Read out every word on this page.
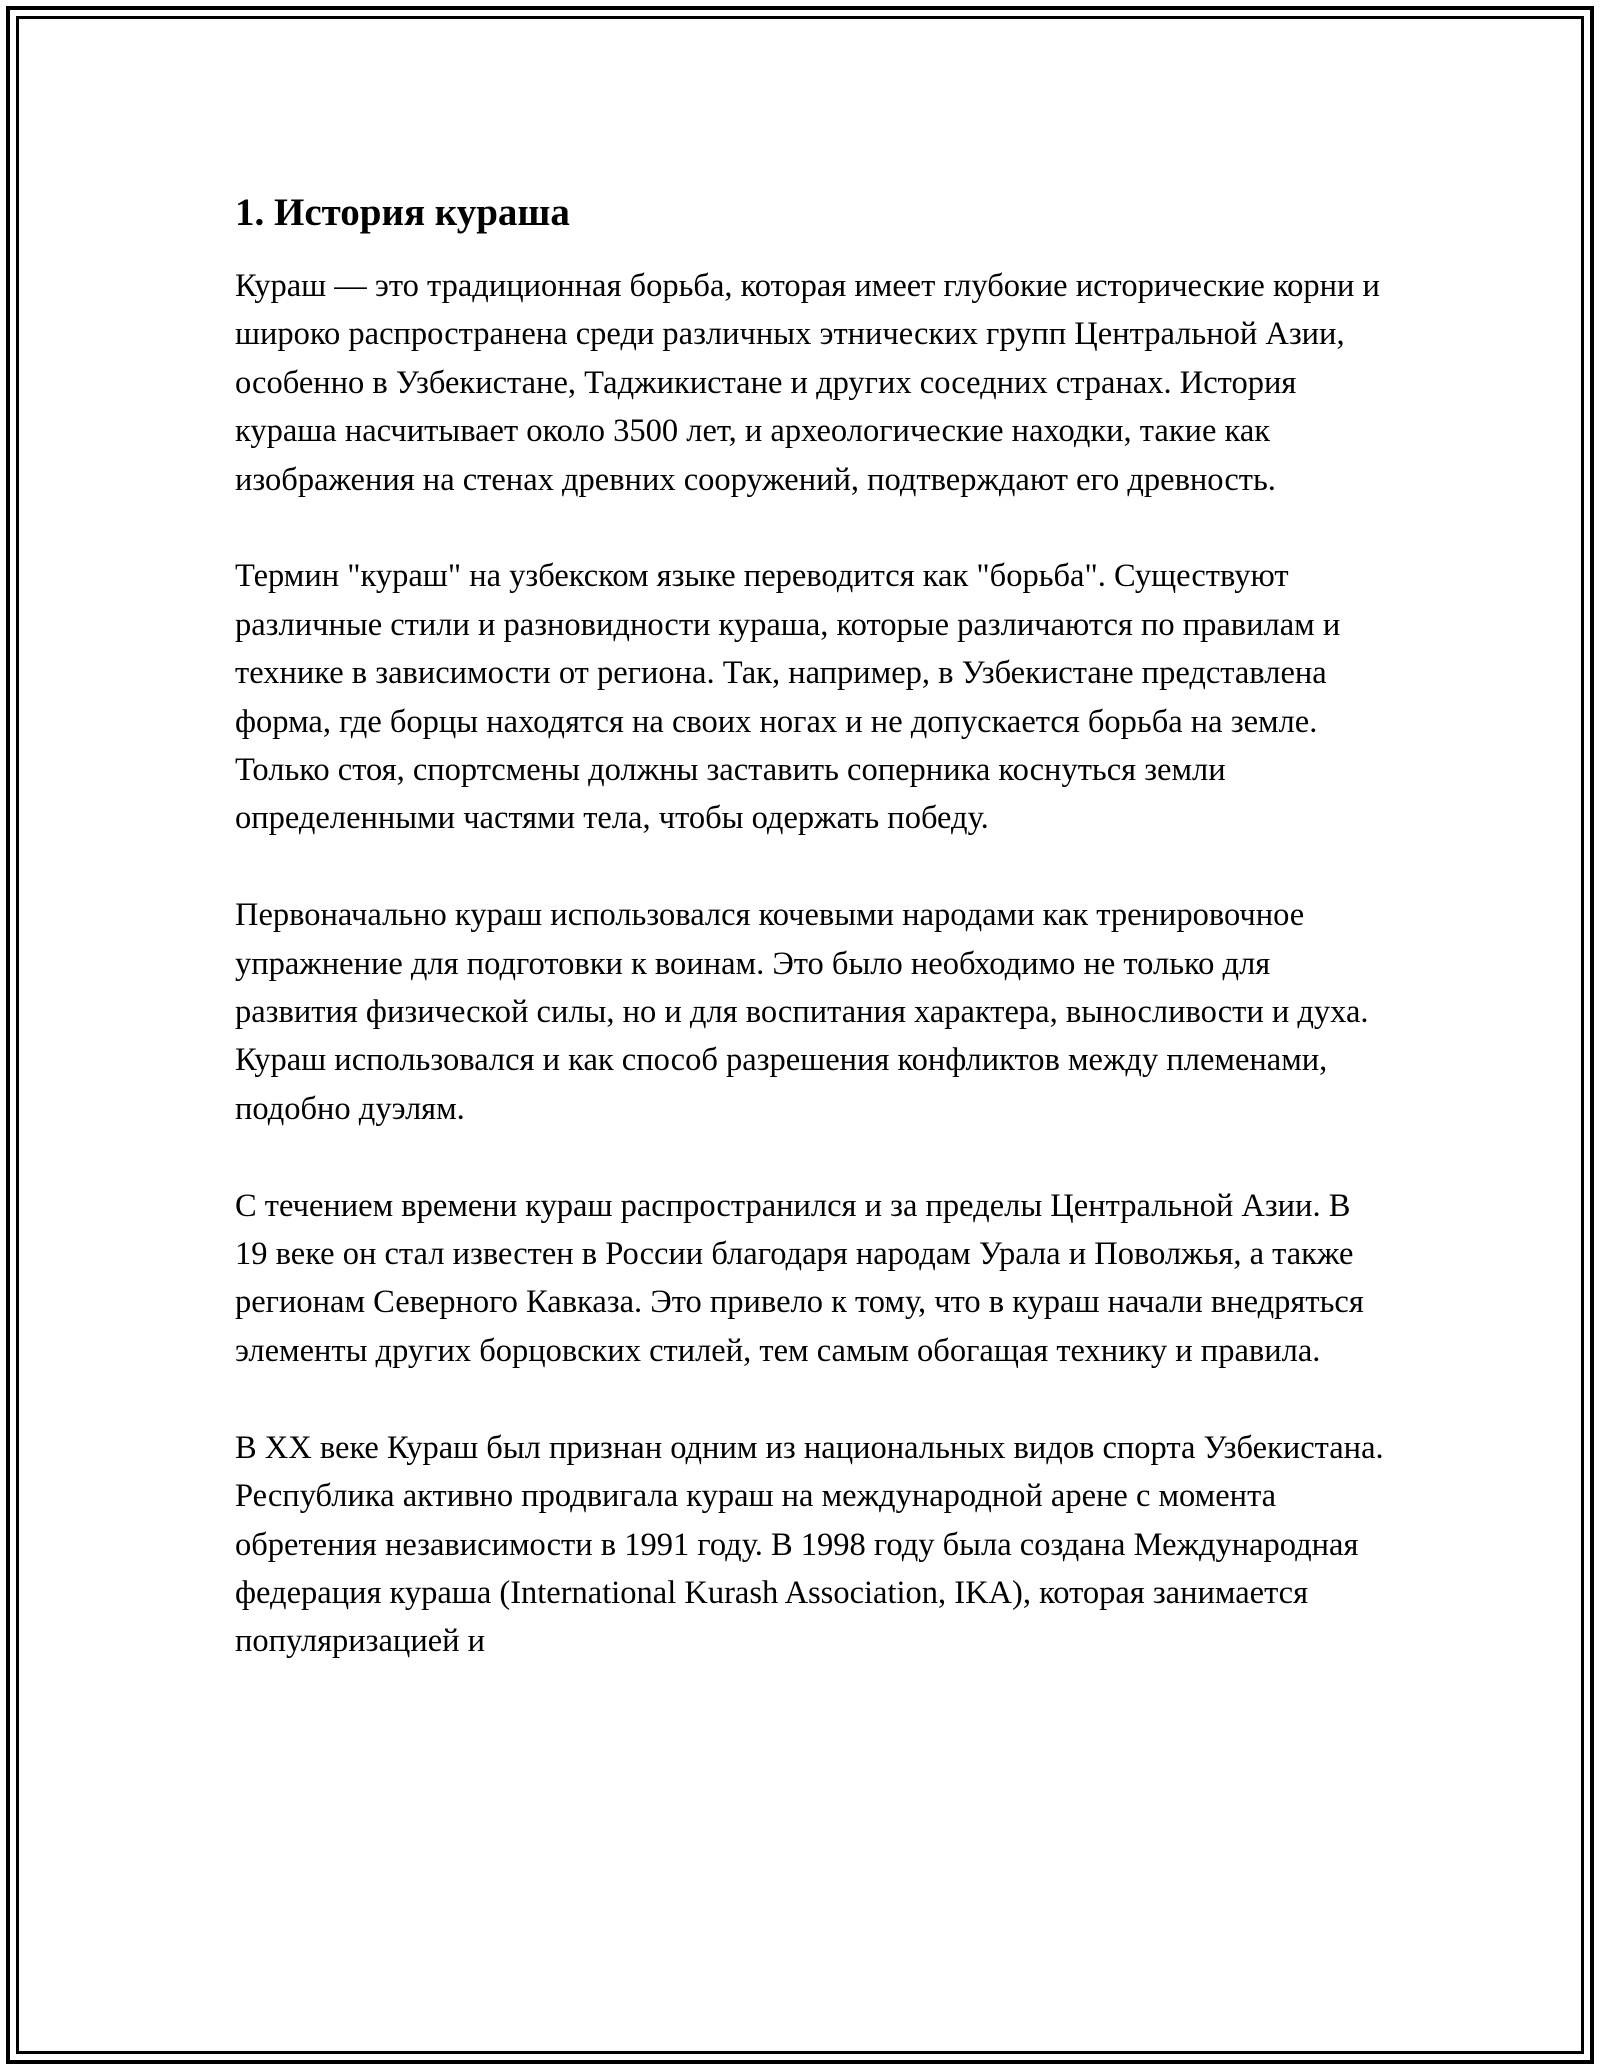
1. История кураша

Кураш — это традиционная борьба, которая имеет глубокие исторические корни и широко распространена среди различных этнических групп Центральной Азии, особенно в Узбекистане, Таджикистане и других соседних странах. История кураша насчитывает около 3500 лет, и археологические находки, такие как изображения на стенах древних сооружений, подтверждают его древность.

Термин "кураш" на узбекском языке переводится как "борьба". Существуют различные стили и разновидности кураша, которые различаются по правилам и технике в зависимости от региона. Так, например, в Узбекистане представлена форма, где борцы находятся на своих ногах и не допускается борьба на земле. Только стоя, спортсмены должны заставить соперника коснуться земли определенными частями тела, чтобы одержать победу.

Первоначально кураш использовался кочевыми народами как тренировочное упражнение для подготовки к воинам. Это было необходимо не только для развития физической силы, но и для воспитания характера, выносливости и духа. Кураш использовался и как способ разрешения конфликтов между племенами, подобно дуэлям.

С течением времени кураш распространился и за пределы Центральной Азии. В 19 веке он стал известен в России благодаря народам Урала и Поволжья, а также регионам Северного Кавказа. Это привело к тому, что в кураш начали внедряться элементы других борцовских стилей, тем самым обогащая технику и правила.

В XX веке Кураш был признан одним из национальных видов спорта Узбекистана. Республика активно продвигала кураш на международной арене с момента обретения независимости в 1991 году. В 1998 году была создана Международная федерация кураша (International Kurash Association, IKA), которая занимается популяризацией и
